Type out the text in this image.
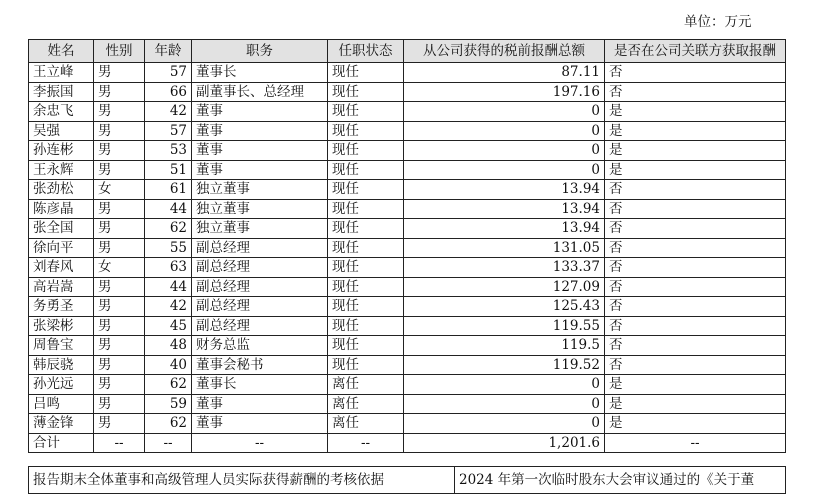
单位：万元
姓名	性别	年龄	职务	任职状态	从公司获得的税前报酬总额	是否在公司关联方获取报酬
王立峰	男	57	董事长	现任	87.11	否
李振国	男	66	副董事长、总经理	现任	197.16	否
余忠飞	男	42	董事	现任	0	是
吴强	男	57	董事	现任	0	是
孙连彬	男	53	董事	现任	0	是
王永辉	男	51	董事	现任	0	是
张劲松	女	61	独立董事	现任	13.94	否
陈彦晶	男	44	独立董事	现任	13.94	否
张全国	男	62	独立董事	现任	13.94	否
徐向平	男	55	副总经理	现任	131.05	否
刘春风	女	63	副总经理	现任	133.37	否
高岩嵩	男	44	副总经理	现任	127.09	否
务勇圣	男	42	副总经理	现任	125.43	否
张梁彬	男	45	副总经理	现任	119.55	否
周鲁宝	男	48	财务总监	现任	119.5	否
韩辰骁	男	40	董事会秘书	现任	119.52	否
孙光远	男	62	董事长	离任	0	是
吕鸣	男	59	董事	离任	0	是
薄金锋	男	62	董事	离任	0	是
合计	--	--	--	--	1,201.6	--
报告期末全体董事和高级管理人员实际获得薪酬的考核依据	2024 年第一次临时股东大会审议通过的《关于董
